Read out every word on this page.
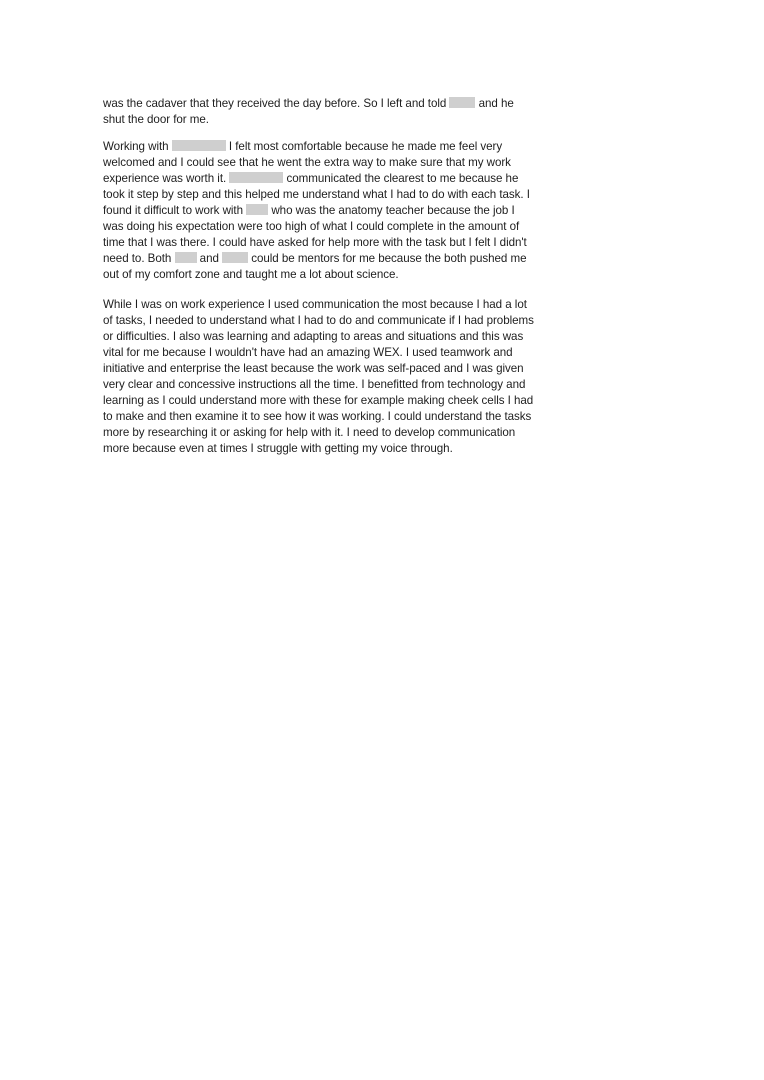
was the cadaver that they received the day before. So I left and told	and he
shut the door for me.
Working with	I felt most comfortable because he made me feel very
welcomed and I could see that he went the extra way to make sure that my work
experience was worth it.	communicated the clearest to me because he
took it step by step and this helped me understand what I had to do with each task. I
found it difficult to work with  who was the anatomy teacher because the job I
was doing his expectation were too high of what I could complete in the amount of
time that I was there. I could have asked for help more with the task but I felt I didn't
need to. Both  and  could be mentors for me because the both pushed me
out of my comfort zone and taught me a lot about science.
While I was on work experience I used communication the most because I had a lot
of tasks, I needed to understand what I had to do and communicate if I had problems
or difficulties. I also was learning and adapting to areas and situations and this was
vital for me because I wouldn't have had an amazing WEX. I used teamwork and
initiative and enterprise the least because the work was self-paced and I was given
very clear and concessive instructions all the time. I benefitted from technology and
learning as I could understand more with these for example making cheek cells I had
to make and then examine it to see how it was working. I could understand the tasks
more by researching it or asking for help with it. I need to develop communication
more because even at times I struggle with getting my voice through.
